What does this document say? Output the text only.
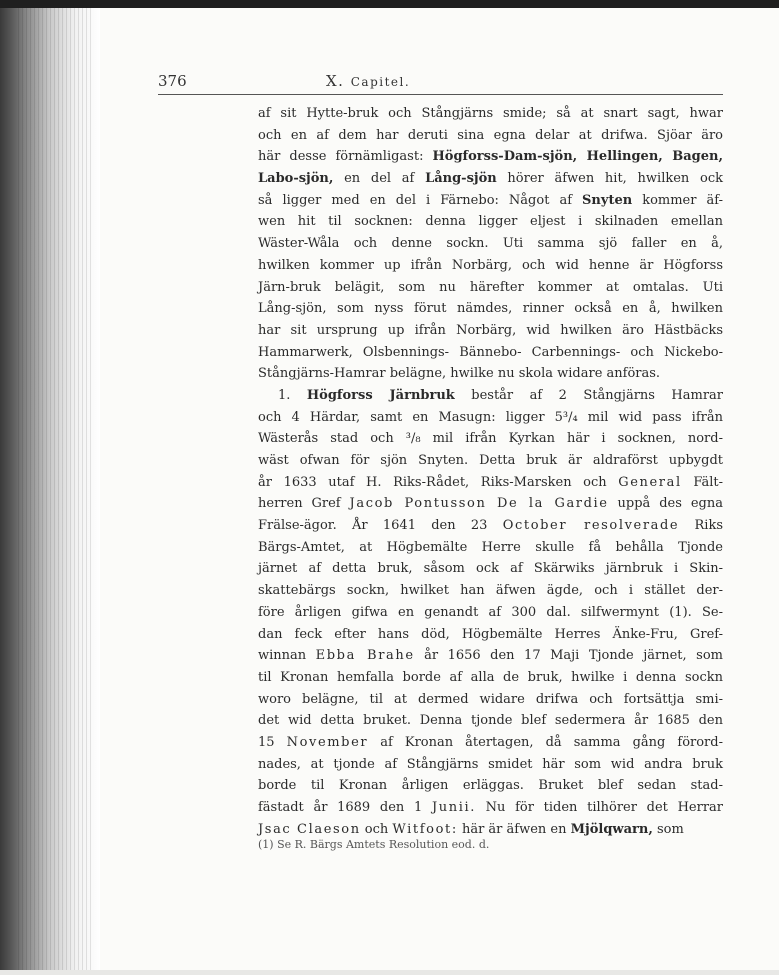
376	X. Capitel.
af sit Hytte-bruk och Stångjärns smide; så at snart sagt, hwar
och en af dem har deruti sina egna delar at drifwa. Sjöar äro
här desse förnämligast: Högforss-Dam-sjön, Hellingen, Bagen,
Labo-sjön, en del af Lång-sjön hörer äfwen hit, hwilken ock
så ligger med en del i Färnebo: Något af Snyten kommer äf-
wen hit til socknen: denna ligger eljest i skilnaden emellan
Wäster-Wåla och denne sockn. Uti samma sjö faller en å,
hwilken kommer up ifrån Norbärg, och wid henne är Högforss
Järn-bruk belägit, som nu härefter kommer at omtalas. Uti
Lång-sjön, som nyss förut nämdes, rinner också en å, hwilken
har sit ursprung up ifrån Norbärg, wid hwilken äro Hästbäcks
Hammarwerk, Olsbennings- Bännebo- Carbennings- och Nickebo-
Stångjärns-Hamrar belägne, hwilke nu skola widare anföras.
1. Högforss Järnbruk består af 2 Stångjärns Hamrar
och 4 Härdar, samt en Masugn: ligger 5³/₄ mil wid pass ifrån
Wästerås stad och ³/₈ mil ifrån Kyrkan här i socknen, nord-
wäst ofwan för sjön Snyten. Detta bruk är aldraförst upbygdt
år 1633 utaf H. Riks-Rådet, Riks-Marsken och General Fält-
herren Gref Jacob Pontusson De la Gardie uppå des egna
Frälse-ägor. År 1641 den 23 October resolverade Riks
Bärgs-Amtet, at Högbemälte Herre skulle få behålla Tjonde
järnet af detta bruk, såsom ock af Skärwiks järnbruk i Skin-
skattebärgs sockn, hwilket han äfwen ägde, och i stället der-
före årligen gifwa en genandt af 300 dal. silfwermynt (1). Se-
dan feck efter hans död, Högbemälte Herres Änke-Fru, Gref-
winnan Ebba Brahe år 1656 den 17 Maji Tjonde järnet, som
til Kronan hemfalla borde af alla de bruk, hwilke i denna sockn
woro belägne, til at dermed widare drifwa och fortsättja smi-
det wid detta bruket. Denna tjonde blef sedermera år 1685 den
15 November af Kronan återtagen, då samma gång förord-
nades, at tjonde af Stångjärns smidet här som wid andra bruk
borde til Kronan årligen erläggas. Bruket blef sedan stad-
fästadt år 1689 den 1 Junii. Nu för tiden tilhörer det Herrar
Jsac Claeson och Witfoot: här är äfwen en Mjölqwarn, som
(1) Se R. Bärgs Amtets Resolution eod. d.
